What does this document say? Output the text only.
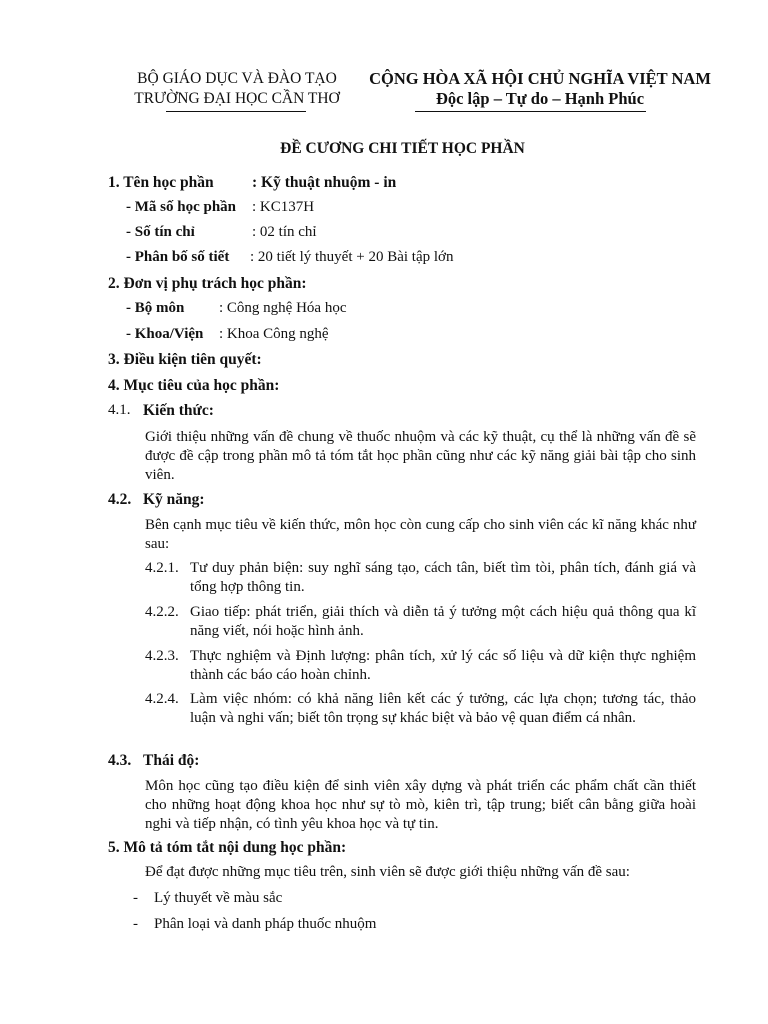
BỘ GIÁO DỤC VÀ ĐÀO TẠO
TRƯỜNG ĐẠI HỌC CẦN THƠ
CỘNG HÒA XÃ HỘI CHỦ NGHĨA VIỆT NAM
Độc lập – Tự do – Hạnh Phúc
ĐỀ CƯƠNG CHI TIẾT HỌC PHẦN
1. Tên học phần : Kỹ thuật nhuộm - in
- Mã số học phần : KC137H
- Số tín chỉ	: 02 tín chỉ
- Phân bố số tiết : 20 tiết lý thuyết + 20 Bài tập lớn
2. Đơn vị phụ trách học phần:
- Bộ môn : Công nghệ Hóa học
- Khoa/Viện : Khoa Công nghệ
3. Điều kiện tiên quyết:
4. Mục tiêu của học phần:
4.1. Kiến thức:
Giới thiệu những vấn đề chung về thuốc nhuộm và các kỹ thuật, cụ thể là những vấn đề sẽ được đề cập trong phần mô tả tóm tắt học phần cũng như các kỹ năng giải bài tập cho sinh viên.
4.2. Kỹ năng:
Bên cạnh mục tiêu về kiến thức, môn học còn cung cấp cho sinh viên các kĩ năng khác như sau:
4.2.1. Tư duy phản biện: suy nghĩ sáng tạo, cách tân, biết tìm tòi, phân tích, đánh giá và tổng hợp thông tin.
4.2.2. Giao tiếp: phát triển, giải thích và diễn tả ý tưởng một cách hiệu quả thông qua kĩ năng viết, nói hoặc hình ảnh.
4.2.3. Thực nghiệm và Định lượng: phân tích, xử lý các số liệu và dữ kiện thực nghiệm thành các báo cáo hoàn chỉnh.
4.2.4. Làm việc nhóm: có khả năng liên kết các ý tưởng, các lựa chọn; tương tác, thảo luận và nghi vấn; biết tôn trọng sự khác biệt và bảo vệ quan điểm cá nhân.
4.3. Thái độ:
Môn học cũng tạo điều kiện để sinh viên xây dựng và phát triển các phẩm chất cần thiết cho những hoạt động khoa học như sự tò mò, kiên trì, tập trung; biết cân bằng giữa hoài nghi và tiếp nhận, có tình yêu khoa học và tự tin.
5. Mô tả tóm tắt nội dung học phần:
Để đạt được những mục tiêu trên, sinh viên sẽ được giới thiệu những vấn đề sau:
- Lý thuyết về màu sắc
- Phân loại và danh pháp thuốc nhuộm
